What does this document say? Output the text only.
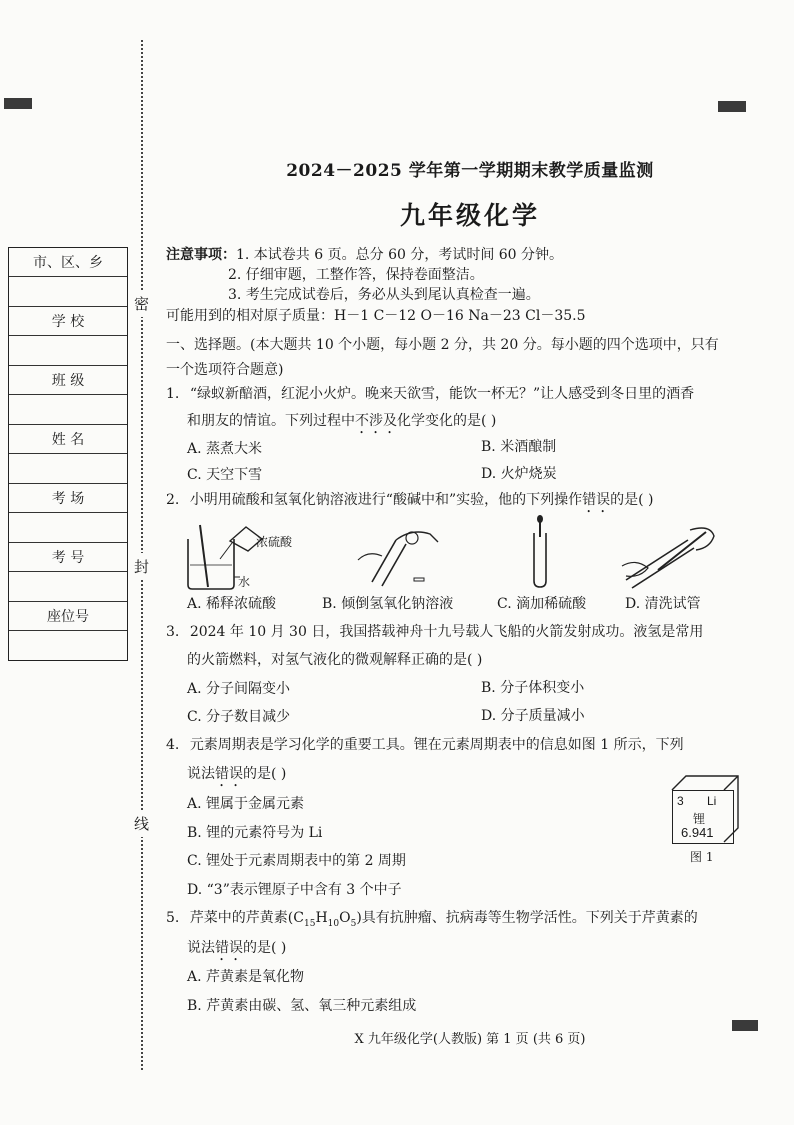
密
封
线
市、区、乡
学 校
班 级
姓 名
考 场
考 号
座位号
2024－2025 学年第一学期期末教学质量监测
九年级化学
注意事项：1. 本试卷共 6 页。总分 60 分，考试时间 60 分钟。
2. 仔细审题，工整作答，保持卷面整洁。
3. 考生完成试卷后，务必从头到尾认真检查一遍。
可能用到的相对原子质量：H－1 C－12 O－16 Na－23 Cl－35.5
一、选择题。(本大题共 10 个小题，每小题 2 分，共 20 分。每小题的四个选项中，只有
一个选项符合题意)
1. “绿蚁新醅酒，红泥小火炉。晚来天欲雪，能饮一杯无？”让人感受到冬日里的酒香
和朋友的情谊。下列过程中不涉及化学变化的是( )
A. 蒸煮大米	B. 米酒酿制
C. 天空下雪	D. 火炉烧炭
2. 小明用硫酸和氢氧化钠溶液进行“酸碱中和”实验，他的下列操作错误的是( )
浓硫酸
水
A. 稀释浓硫酸	B. 倾倒氢氧化钠溶液	C. 滴加稀硫酸	D. 清洗试管
3. 2024 年 10 月 30 日，我国搭载神舟十九号载人飞船的火箭发射成功。液氢是常用
的火箭燃料，对氢气液化的微观解释正确的是( )
A. 分子间隔变小	B. 分子体积变小
C. 分子数目减少	D. 分子质量减小
4. 元素周期表是学习化学的重要工具。锂在元素周期表中的信息如图 1 所示，下列
说法错误的是( )
A. 锂属于金属元素
B. 锂的元素符号为 Li
C. 锂处于元素周期表中的第 2 周期
D. “3”表示锂原子中含有 3 个中子
3 Li
锂
6.941
图 1
5. 芹菜中的芹黄素$(C_{15}H_{10}O_5)$具有抗肿瘤、抗病毒等生物学活性。下列关于芹黄素的
说法错误的是( )
A. 芹黄素是氧化物
B. 芹黄素由碳、氢、氧三种元素组成
X 九年级化学(人教版) 第 1 页 (共 6 页)
